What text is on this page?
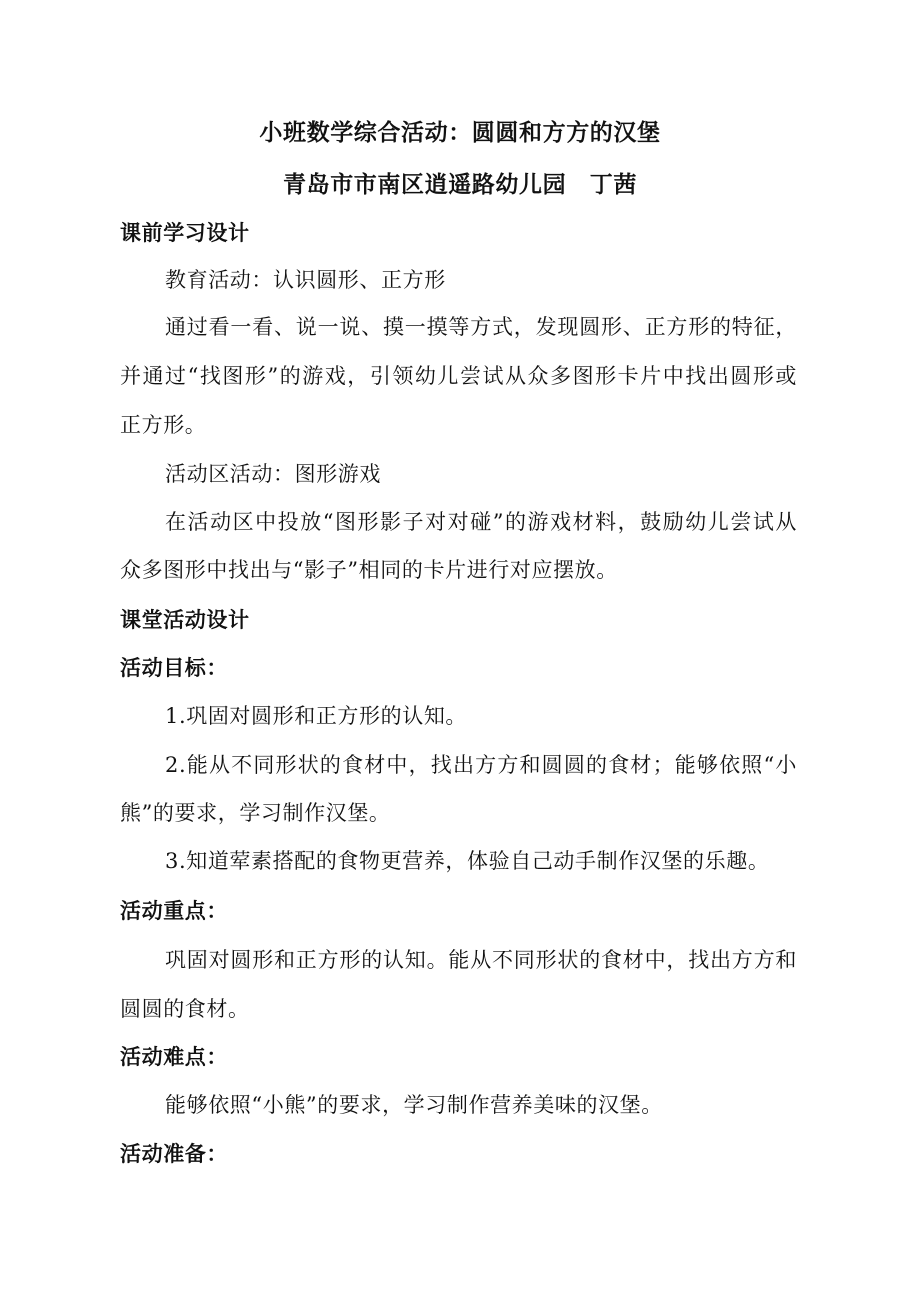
小班数学综合活动：圆圆和方方的汉堡
青岛市市南区逍遥路幼儿园　丁茜
课前学习设计
教育活动：认识圆形、正方形
通过看一看、说一说、摸一摸等方式，发现圆形、正方形的特征，
并通过“找图形”的游戏，引领幼儿尝试从众多图形卡片中找出圆形或
正方形。
活动区活动：图形游戏
在活动区中投放“图形影子对对碰”的游戏材料，鼓励幼儿尝试从
众多图形中找出与“影子”相同的卡片进行对应摆放。
课堂活动设计
活动目标：
1.巩固对圆形和正方形的认知。
2.能从不同形状的食材中，找出方方和圆圆的食材；能够依照“小
熊”的要求，学习制作汉堡。
3.知道荤素搭配的食物更营养，体验自己动手制作汉堡的乐趣。
活动重点：
巩固对圆形和正方形的认知。能从不同形状的食材中，找出方方和
圆圆的食材。
活动难点：
能够依照“小熊”的要求，学习制作营养美味的汉堡。
活动准备：
